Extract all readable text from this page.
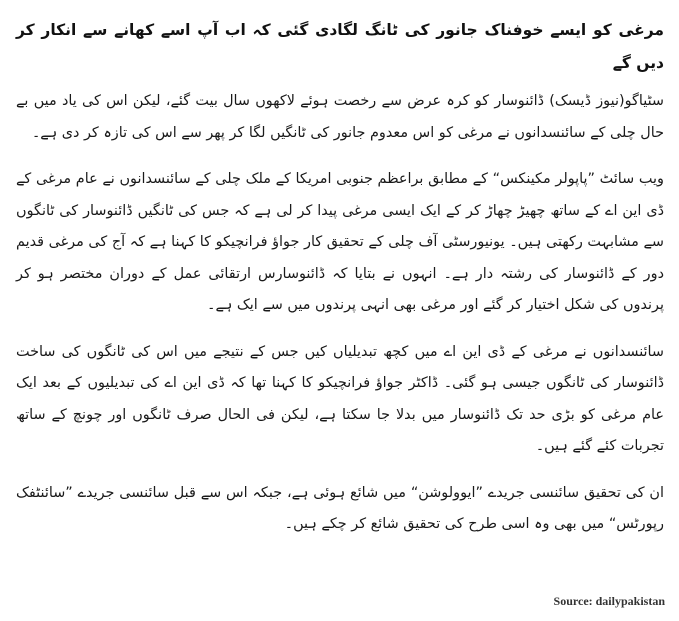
مرغی کو ایسے خوفناک جانور کی ٹانگ لگادی گئی کہ اب آپ اسے کھانے سے انکار کر دیں گے

سٹیاگو(نیوز ڈیسک) ڈائنوسار کو کرہ عرض سے رخصت ہوئے لاکھوں سال بیت گئے، لیکن اس کی یاد میں بے حال چلی کے سائنسدانوں نے مرغی کو اس معدوم جانور کی ٹانگیں لگا کر پھر سے اس کی تازہ کر دی ہے۔

ویب سائٹ ”پاپولر مکینکس“ کے مطابق براعظم جنوبی امریکا کے ملک چلی کے سائنسدانوں نے عام مرغی کے ڈی این اے کے ساتھ چھیڑ چھاڑ کر کے ایک ایسی مرغی پیدا کر لی ہے کہ جس کی ٹانگیں ڈائنوسار کی ٹانگوں سے مشابہت رکھتی ہیں۔ یونیورسٹی آف چلی کے تحقیق کار جواؤ فرانچیکو کا کہنا ہے کہ آج کی مرغی قدیم دور کے ڈائنوسار کی رشتہ دار ہے۔ انہوں نے بتایا کہ ڈائنوسارس ارتقائی عمل کے دوران مختصر ہو کر پرندوں کی شکل اختیار کر گئے اور مرغی بھی انہی پرندوں میں سے ایک ہے۔

سائنسدانوں نے مرغی کے ڈی این اے میں کچھ تبدیلیاں کیں جس کے نتیجے میں اس کی ٹانگوں کی ساخت ڈائنوسار کی ٹانگوں جیسی ہو گئی۔ ڈاکٹر جواؤ فرانچیکو کا کہنا تھا کہ ڈی این اے کی تبدیلیوں کے بعد ایک عام مرغی کو بڑی حد تک ڈائنوسار میں بدلا جا سکتا ہے، لیکن فی الحال صرف ٹانگوں اور چونچ کے ساتھ تجربات کئے گئے ہیں۔

ان کی تحقیق سائنسی جریدے ”ایوولوشن“ میں شائع ہوئی ہے، جبکہ اس سے قبل سائنسی جریدے ”سائنٹفک رپورٹس“ میں بھی وہ اسی طرح کی تحقیق شائع کر چکے ہیں۔

Source: dailypakistan
